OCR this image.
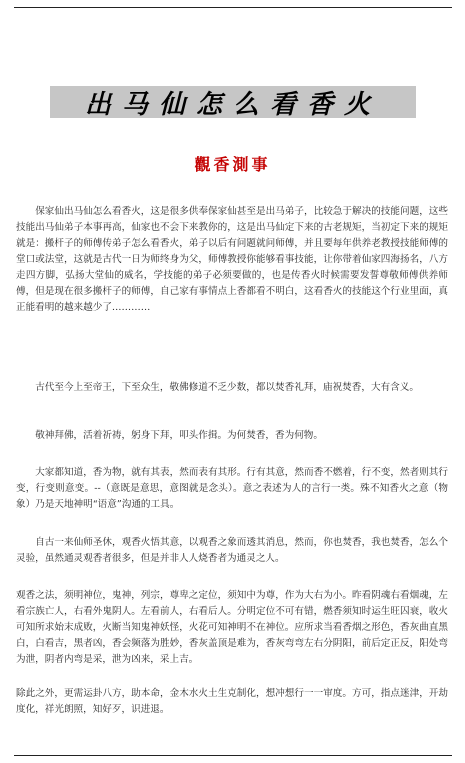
出马仙怎么看香火
觀香測事

保家仙出马仙怎么看香火，这是很多供奉保家仙甚至是出马弟子，比较急于解决的技能问题，这些技能出马仙弟子本事再高，仙家也不会下来教你的，这是出马仙定下来的古老规矩，当初定下来的规矩就是：搬杆子的师傅传弟子怎么看香火，弟子以后有问题就问师傅，并且要每年供养老教授技能师傅的堂口或法堂，这就是古代一日为师终身为父，师傅教授你能够看事技能，让你带着仙家四海扬名，八方走四方脚，弘扬大堂仙的威名，学技能的弟子必须要做的，也是传香火时候需要发誓尊敬师傅供养师傅，但是现在很多搬杆子的师傅，自己家有事情点上香都看不明白，这看香火的技能这个行业里面，真正能看明的越来越少了…………

古代至今上至帝王，下至众生，敬佛修道不乏少数，都以焚香礼拜，庙祝焚香，大有含义。

敬神拜佛，活着祈祷，躬身下拜，叩头作揖。为何焚香，香为何物。

大家都知道，香为物，就有其表，然而表有其形。行有其意，然而香不燃着，行不变，然者则其行变，行变则意变。--（意既是意思，意图就是念头）。意之表述为人的言行一类。殊不知香火之意（物象）乃是天地神明“语意”沟通的工具。

自古一来仙师圣休，观香火悟其意，以观香之象而透其消息，然而，你也焚香，我也焚香，怎么个灵验，虽然通灵观香者很多，但是并非人人烧香者为通灵之人。

观香之法，须明神位，鬼神，列宗，尊卑之定位，须知中为尊，作为大右为小。昨看阴魂右看烟魂，左看宗族亡人，右看外鬼阴人。左看前人，右看后人。分明定位不可有错，燃香须知时运生旺囚衰，收火可知所求始末成败，火断当知鬼神妖怪，火花可知神明不在神位。应所求当看香烟之形色，香灰曲直黑白，白看吉，黑者凶，香会频落为胜妙，香灰盖顶是难为，香灰弯弯左右分阴阳，前后定正反，阳处弯为泄，阴者内弯是采，泄为凶来，采上吉。

除此之外，更需运卦八方，助本命，金木水火土生克制化，想冲想行一一审度。方可，指点迷津，开劫度化，祥光朗照，知好歹，识进退。
